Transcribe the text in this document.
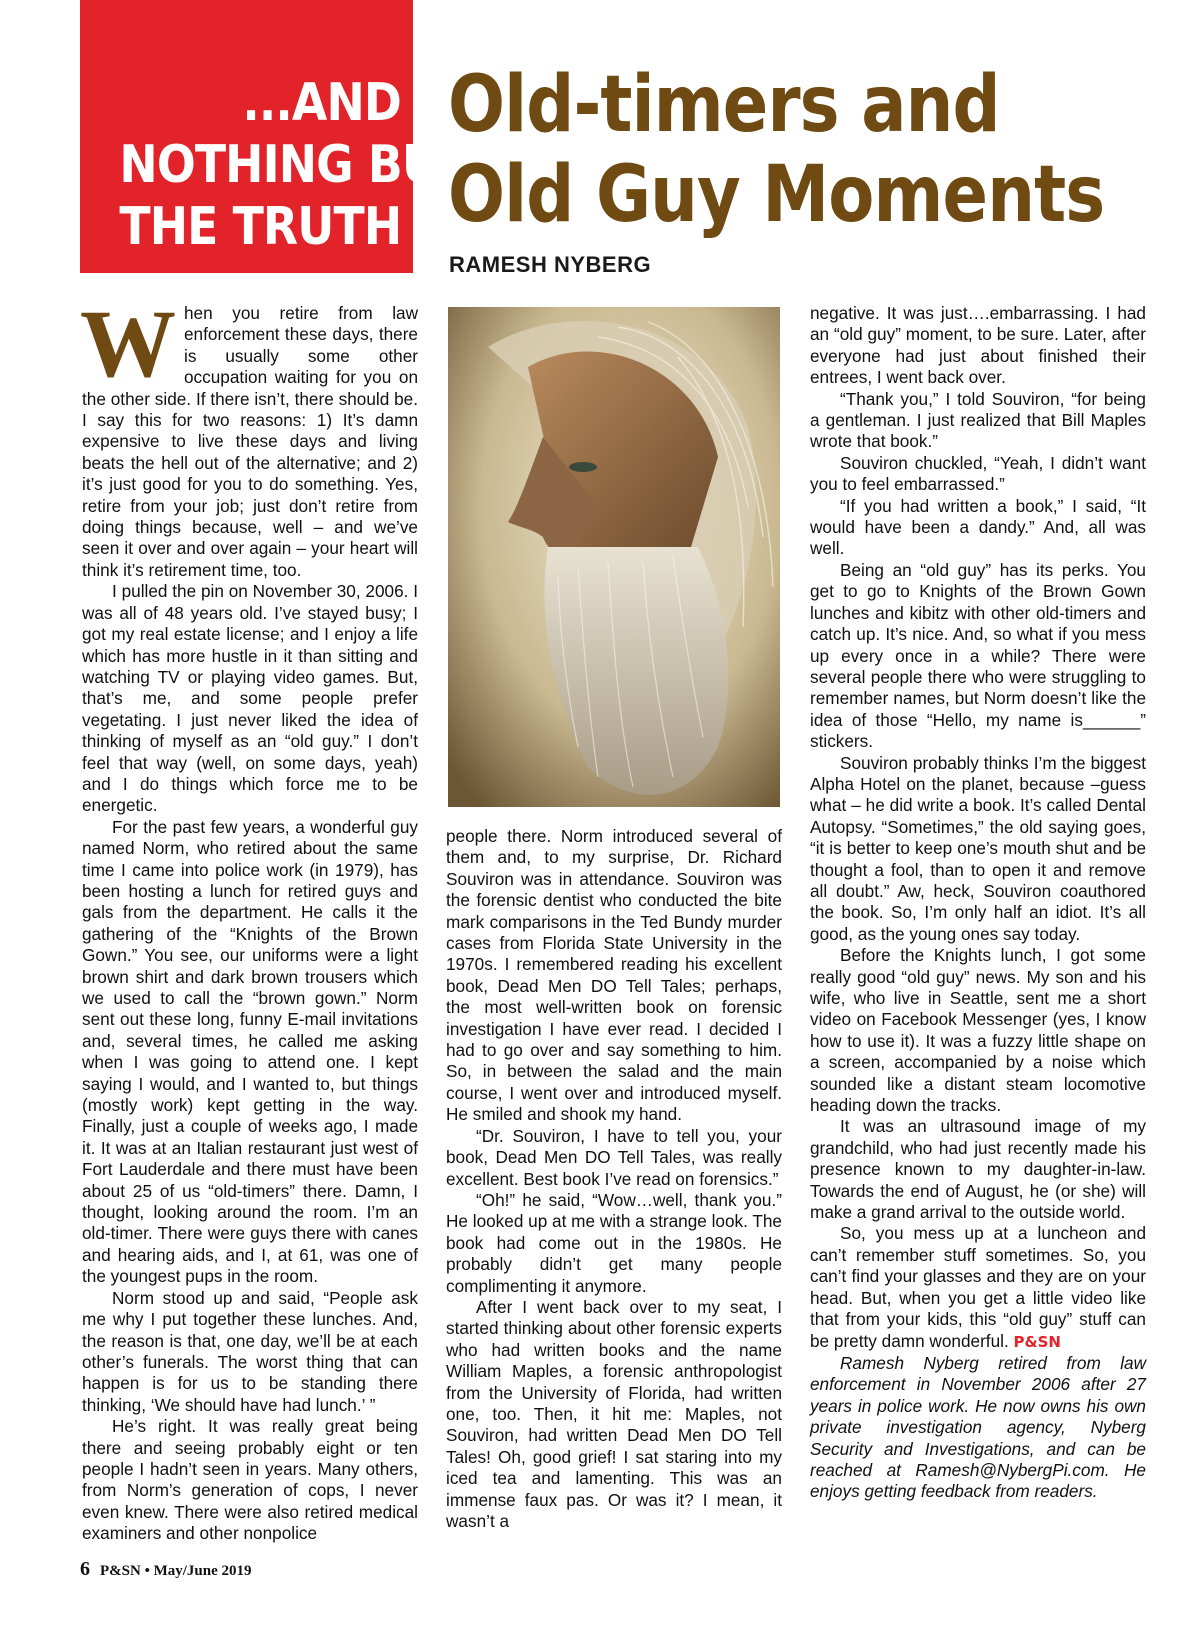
...AND
NOTHING BUT
THE TRUTH
Old-timers and
Old Guy Moments
RAMESH NYBERG

When you retire from law enforcement these days, there is usually some other occupation waiting for you on the other side. If there isn’t, there should be. I say this for two reasons: 1) It’s damn expensive to live these days and living beats the hell out of the alternative; and 2) it’s just good for you to do something. Yes, retire from your job; just don’t retire from doing things because, well – and we’ve seen it over and over again – your heart will think it’s retirement time, too.

I pulled the pin on November 30, 2006. I was all of 48 years old. I’ve stayed busy; I got my real estate license; and I enjoy a life which has more hustle in it than sitting and watching TV or playing video games. But, that’s me, and some people prefer vegetating. I just never liked the idea of thinking of myself as an “old guy.” I don’t feel that way (well, on some days, yeah) and I do things which force me to be energetic.

For the past few years, a wonderful guy named Norm, who retired about the same time I came into police work (in 1979), has been hosting a lunch for retired guys and gals from the department. He calls it the gathering of the “Knights of the Brown Gown.” You see, our uniforms were a light brown shirt and dark brown trousers which we used to call the “brown gown.” Norm sent out these long, funny E-mail invitations and, several times, he called me asking when I was going to attend one. I kept saying I would, and I wanted to, but things (mostly work) kept getting in the way. Finally, just a couple of weeks ago, I made it. It was at an Italian restaurant just west of Fort Lauderdale and there must have been about 25 of us “old-timers” there. Damn, I thought, looking around the room. I’m an old-timer. There were guys there with canes and hearing aids, and I, at 61, was one of the youngest pups in the room.

Norm stood up and said, “People ask me why I put together these lunches. And, the reason is that, one day, we’ll be at each other’s funerals. The worst thing that can happen is for us to be standing there thinking, ‘We should have had lunch.’ ”

He’s right. It was really great being there and seeing probably eight or ten people I hadn’t seen in years. Many others, from Norm’s generation of cops, I never even knew. There were also retired medical examiners and other nonpolice

people there. Norm introduced several of them and, to my surprise, Dr. Richard Souviron was in attendance. Souviron was the forensic dentist who conducted the bite mark comparisons in the Ted Bundy murder cases from Florida State University in the 1970s. I remembered reading his excellent book, Dead Men DO Tell Tales; perhaps, the most well-written book on forensic investigation I have ever read. I decided I had to go over and say something to him. So, in between the salad and the main course, I went over and introduced myself. He smiled and shook my hand.

“Dr. Souviron, I have to tell you, your book, Dead Men DO Tell Tales, was really excellent. Best book I’ve read on forensics.”

“Oh!” he said, “Wow…well, thank you.” He looked up at me with a strange look. The book had come out in the 1980s. He probably didn’t get many people complimenting it anymore.

After I went back over to my seat, I started thinking about other forensic experts who had written books and the name William Maples, a forensic anthropologist from the University of Florida, had written one, too. Then, it hit me: Maples, not Souviron, had written Dead Men DO Tell Tales! Oh, good grief! I sat staring into my iced tea and lamenting. This was an immense faux pas. Or was it? I mean, it wasn’t a

negative. It was just….embarrassing. I had an “old guy” moment, to be sure. Later, after everyone had just about finished their entrees, I went back over.

“Thank you,” I told Souviron, “for being a gentleman. I just realized that Bill Maples wrote that book.”

Souviron chuckled, “Yeah, I didn’t want you to feel embarrassed.”

“If you had written a book,” I said, “It would have been a dandy.” And, all was well.

Being an “old guy” has its perks. You get to go to Knights of the Brown Gown lunches and kibitz with other old-timers and catch up. It’s nice. And, so what if you mess up every once in a while? There were several people there who were struggling to remember names, but Norm doesn’t like the idea of those “Hello, my name is______” stickers.

Souviron probably thinks I’m the biggest Alpha Hotel on the planet, because –guess what – he did write a book. It’s called Dental Autopsy. “Sometimes,” the old saying goes, “it is better to keep one’s mouth shut and be thought a fool, than to open it and remove all doubt.” Aw, heck, Souviron coauthored the book. So, I’m only half an idiot. It’s all good, as the young ones say today.

Before the Knights lunch, I got some really good “old guy” news. My son and his wife, who live in Seattle, sent me a short video on Facebook Messenger (yes, I know how to use it). It was a fuzzy little shape on a screen, accompanied by a noise which sounded like a distant steam locomotive heading down the tracks.

It was an ultrasound image of my grandchild, who had just recently made his presence known to my daughter-in-law. Towards the end of August, he (or she) will make a grand arrival to the outside world.

So, you mess up at a luncheon and can’t remember stuff sometimes. So, you can’t find your glasses and they are on your head. But, when you get a little video like that from your kids, this “old guy” stuff can be pretty damn wonderful. P&SN

Ramesh Nyberg retired from law enforcement in November 2006 after 27 years in police work. He now owns his own private investigation agency, Nyberg Security and Investigations, and can be reached at Ramesh@NybergPi.com. He enjoys getting feedback from readers.

6 P&SN • May/June 2019
